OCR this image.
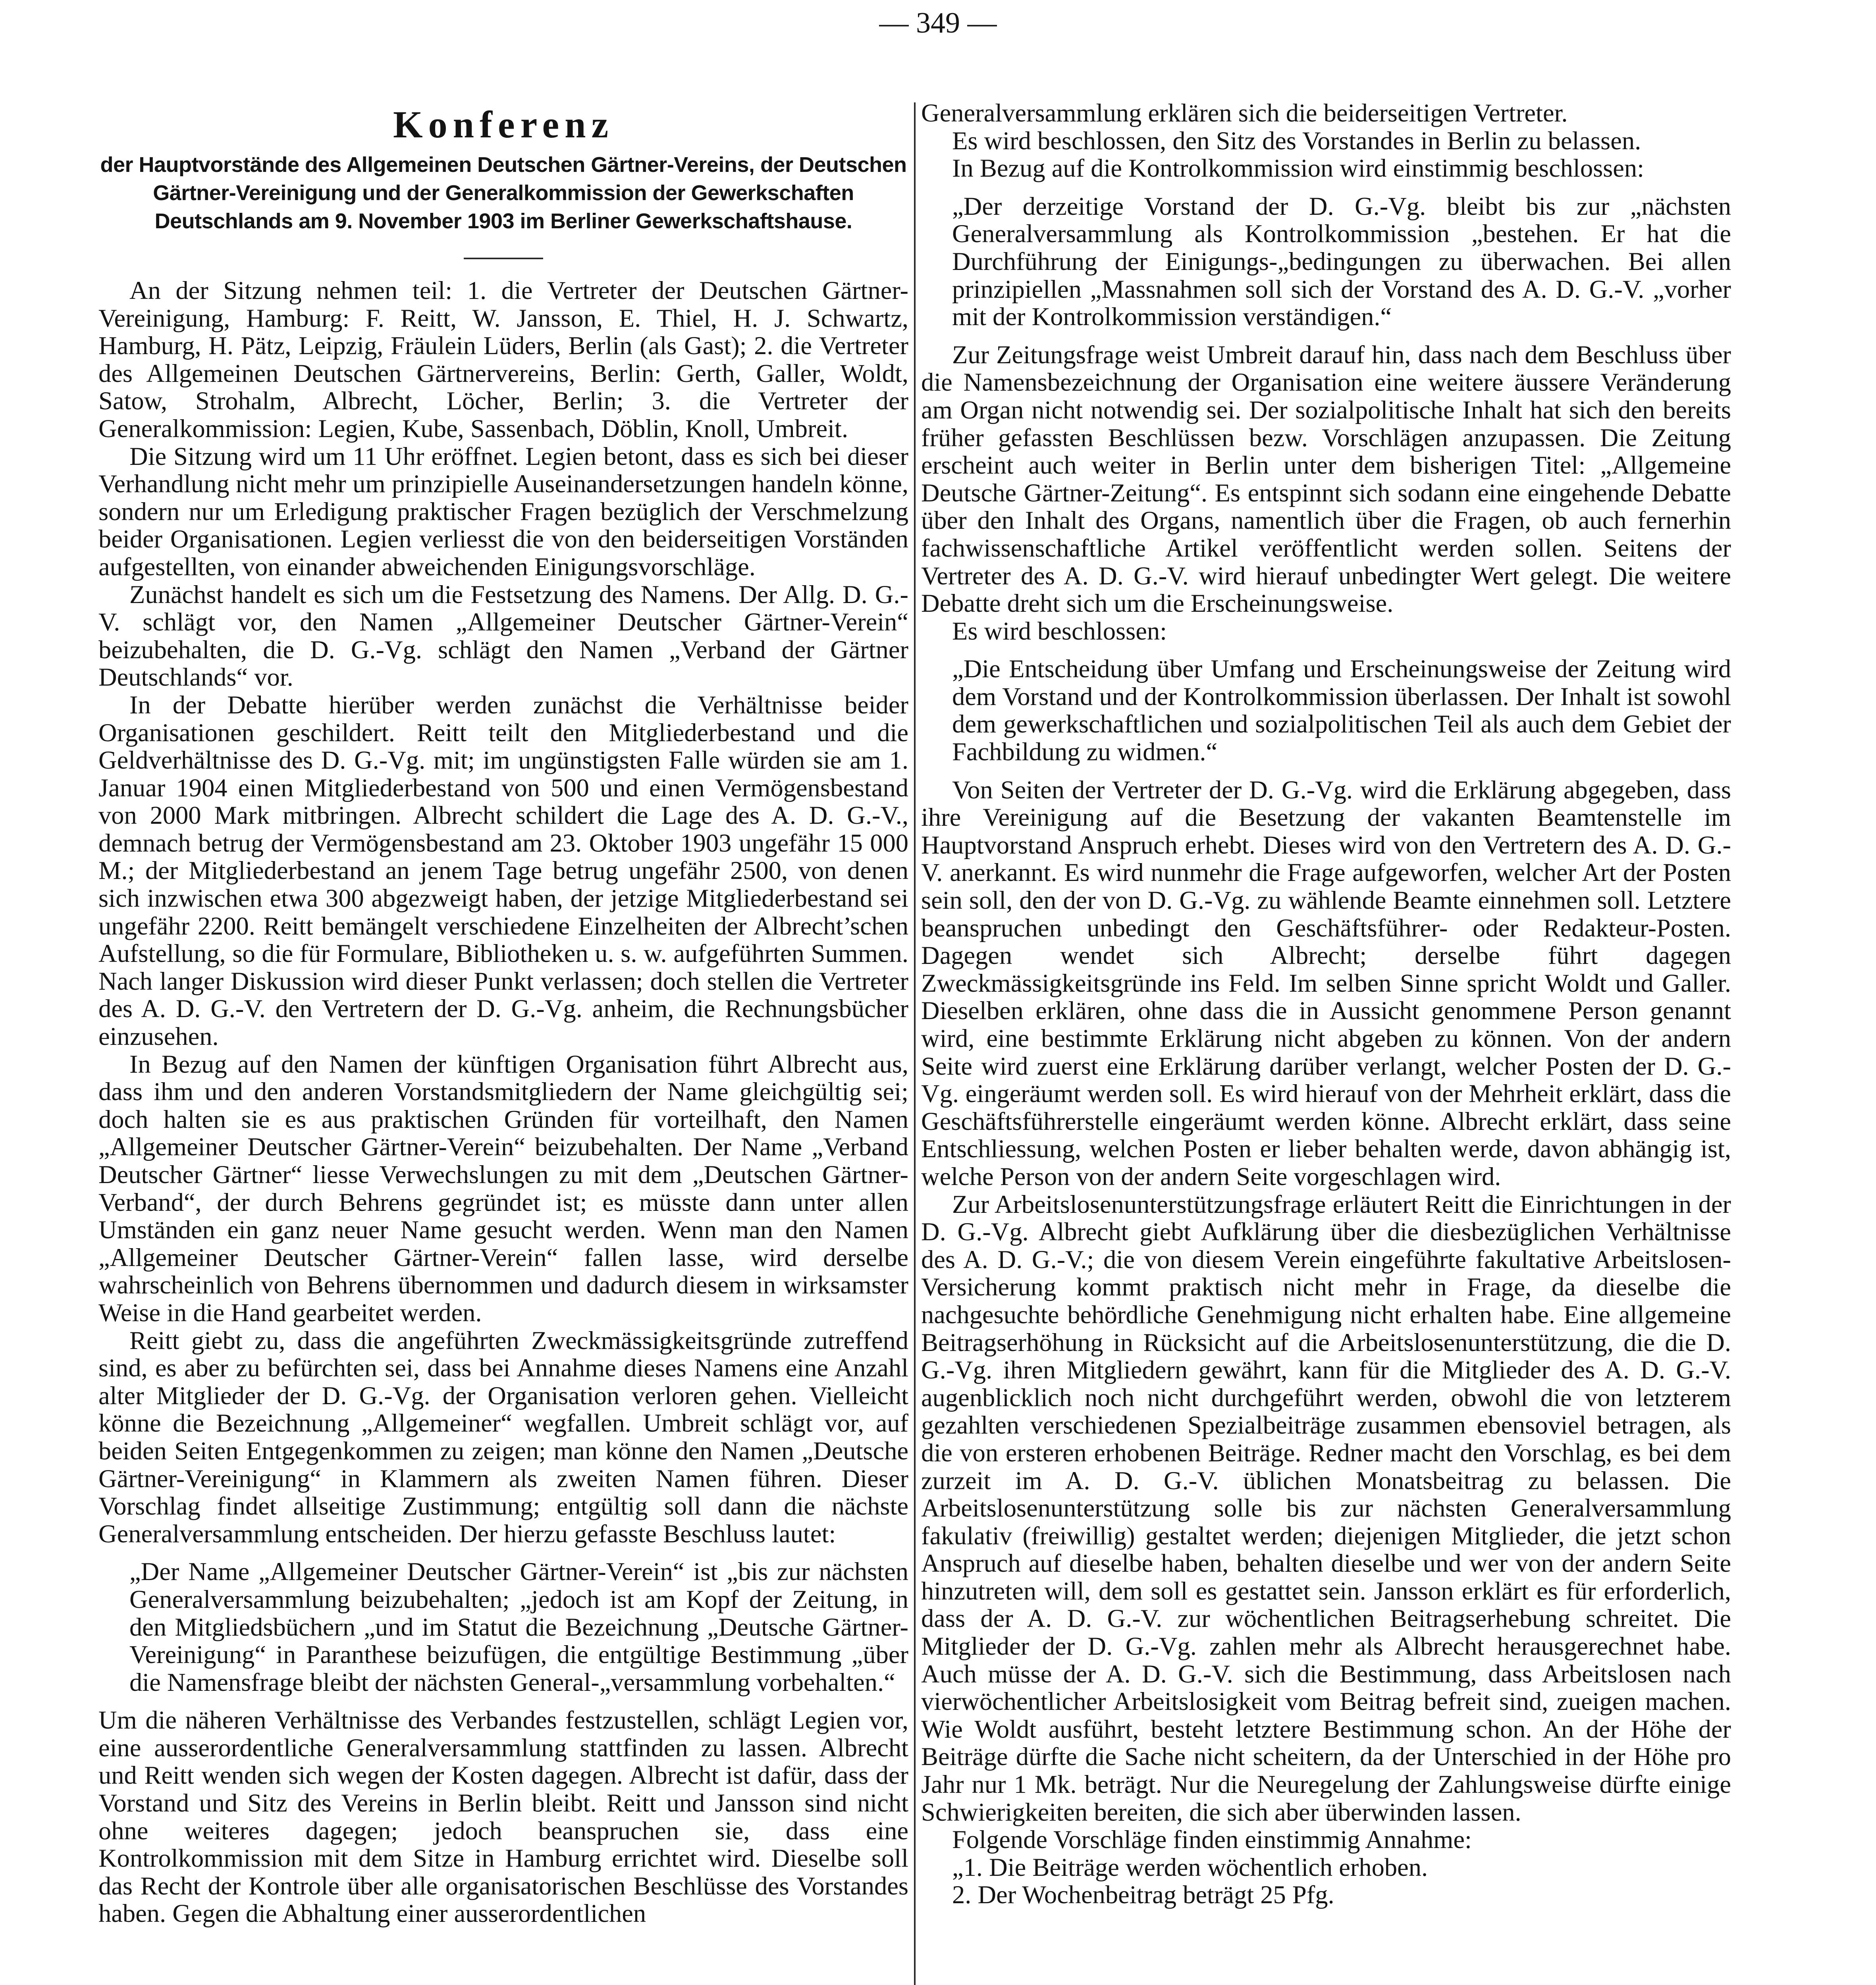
— 349 —
Konferenz
der Hauptvorstände des Allgemeinen Deutschen Gärtner-Vereins, der Deutschen Gärtner-Vereinigung und der Generalkommission der Gewerkschaften Deutschlands am 9. November 1903 im Berliner Gewerkschaftshause.

An der Sitzung nehmen teil: 1. die Vertreter der Deutschen Gärtner-Vereinigung, Hamburg: F. Reitt, W. Jansson, E. Thiel, H. J. Schwartz, Hamburg, H. Pätz, Leipzig, Fräulein Lüders, Berlin (als Gast); 2. die Vertreter des Allgemeinen Deutschen Gärtnervereins, Berlin: Gerth, Galler, Woldt, Satow, Strohalm, Albrecht, Löcher, Berlin; 3. die Vertreter der Generalkommission: Legien, Kube, Sassenbach, Döblin, Knoll, Umbreit.

Die Sitzung wird um 11 Uhr eröffnet. Legien betont, dass es sich bei dieser Verhandlung nicht mehr um prinzipielle Auseinandersetzungen handeln könne, sondern nur um Erledigung praktischer Fragen bezüglich der Verschmelzung beider Organisationen. Legien verliesst die von den beiderseitigen Vorständen aufgestellten, von einander abweichenden Einigungsvorschläge.

Zunächst handelt es sich um die Festsetzung des Namens. Der Allg. D. G.-V. schlägt vor, den Namen „Allgemeiner Deutscher Gärtner-Verein“ beizubehalten, die D. G.-Vg. schlägt den Namen „Verband der Gärtner Deutschlands“ vor.

In der Debatte hierüber werden zunächst die Verhältnisse beider Organisationen geschildert. Reitt teilt den Mitgliederbestand und die Geldverhältnisse des D. G.-Vg. mit; im ungünstigsten Falle würden sie am 1. Januar 1904 einen Mitgliederbestand von 500 und einen Vermögensbestand von 2000 Mark mitbringen. Albrecht schildert die Lage des A. D. G.-V., demnach betrug der Vermögensbestand am 23. Oktober 1903 ungefähr 15 000 M.; der Mitgliederbestand an jenem Tage betrug ungefähr 2500, von denen sich inzwischen etwa 300 abgezweigt haben, der jetzige Mitgliederbestand sei ungefähr 2200. Reitt bemängelt verschiedene Einzelheiten der Albrecht’schen Aufstellung, so die für Formulare, Bibliotheken u. s. w. aufgeführten Summen. Nach langer Diskussion wird dieser Punkt verlassen; doch stellen die Vertreter des A. D. G.-V. den Vertretern der D. G.-Vg. anheim, die Rechnungsbücher einzusehen.

In Bezug auf den Namen der künftigen Organisation führt Albrecht aus, dass ihm und den anderen Vorstandsmitgliedern der Name gleichgültig sei; doch halten sie es aus praktischen Gründen für vorteilhaft, den Namen „Allgemeiner Deutscher Gärtner-Verein“ beizubehalten. Der Name „Verband Deutscher Gärtner“ liesse Verwechslungen zu mit dem „Deutschen Gärtner-Verband“, der durch Behrens gegründet ist; es müsste dann unter allen Umständen ein ganz neuer Name gesucht werden. Wenn man den Namen „Allgemeiner Deutscher Gärtner-Verein“ fallen lasse, wird derselbe wahrscheinlich von Behrens übernommen und dadurch diesem in wirksamster Weise in die Hand gearbeitet werden.

Reitt giebt zu, dass die angeführten Zweckmässigkeitsgründe zutreffend sind, es aber zu befürchten sei, dass bei Annahme dieses Namens eine Anzahl alter Mitglieder der D. G.-Vg. der Organisation verloren gehen. Vielleicht könne die Bezeichnung „Allgemeiner“ wegfallen. Umbreit schlägt vor, auf beiden Seiten Entgegenkommen zu zeigen; man könne den Namen „Deutsche Gärtner-Vereinigung“ in Klammern als zweiten Namen führen. Dieser Vorschlag findet allseitige Zustimmung; entgültig soll dann die nächste Generalversammlung entscheiden. Der hierzu gefasste Beschluss lautet:

„Der Name „Allgemeiner Deutscher Gärtner-Verein“ ist „bis zur nächsten Generalversammlung beizubehalten; „jedoch ist am Kopf der Zeitung, in den Mitgliedsbüchern „und im Statut die Bezeichnung „Deutsche Gärtner-Vereinigung“ in Paranthese beizufügen, die entgültige Bestimmung „über die Namensfrage bleibt der nächsten General-„versammlung vorbehalten.“

Um die näheren Verhältnisse des Verbandes festzustellen, schlägt Legien vor, eine ausserordentliche Generalversammlung stattfinden zu lassen. Albrecht und Reitt wenden sich wegen der Kosten dagegen. Albrecht ist dafür, dass der Vorstand und Sitz des Vereins in Berlin bleibt. Reitt und Jansson sind nicht ohne weiteres dagegen; jedoch beanspruchen sie, dass eine Kontrolkommission mit dem Sitze in Hamburg errichtet wird. Dieselbe soll das Recht der Kontrole über alle organisatorischen Beschlüsse des Vorstandes haben. Gegen die Abhaltung einer ausserordentlichen

Generalversammlung erklären sich die beiderseitigen Vertreter.

Es wird beschlossen, den Sitz des Vorstandes in Berlin zu belassen.

In Bezug auf die Kontrolkommission wird einstimmig beschlossen:

„Der derzeitige Vorstand der D. G.-Vg. bleibt bis zur „nächsten Generalversammlung als Kontrolkommission „bestehen. Er hat die Durchführung der Einigungs-„bedingungen zu überwachen. Bei allen prinzipiellen „Massnahmen soll sich der Vorstand des A. D. G.-V. „vorher mit der Kontrolkommission verständigen.“

Zur Zeitungsfrage weist Umbreit darauf hin, dass nach dem Beschluss über die Namensbezeichnung der Organisation eine weitere äussere Veränderung am Organ nicht notwendig sei. Der sozialpolitische Inhalt hat sich den bereits früher gefassten Beschlüssen bezw. Vorschlägen anzupassen. Die Zeitung erscheint auch weiter in Berlin unter dem bisherigen Titel: „Allgemeine Deutsche Gärtner-Zeitung“. Es entspinnt sich sodann eine eingehende Debatte über den Inhalt des Organs, namentlich über die Fragen, ob auch fernerhin fachwissenschaftliche Artikel veröffentlicht werden sollen. Seitens der Vertreter des A. D. G.-V. wird hierauf unbedingter Wert gelegt. Die weitere Debatte dreht sich um die Erscheinungsweise.

Es wird beschlossen:

„Die Entscheidung über Umfang und Erscheinungsweise der Zeitung wird dem Vorstand und der Kontrolkommission überlassen. Der Inhalt ist sowohl dem gewerkschaftlichen und sozialpolitischen Teil als auch dem Gebiet der Fachbildung zu widmen.“

Von Seiten der Vertreter der D. G.-Vg. wird die Erklärung abgegeben, dass ihre Vereinigung auf die Besetzung der vakanten Beamtenstelle im Hauptvorstand Anspruch erhebt. Dieses wird von den Vertretern des A. D. G.-V. anerkannt. Es wird nunmehr die Frage aufgeworfen, welcher Art der Posten sein soll, den der von D. G.-Vg. zu wählende Beamte einnehmen soll. Letztere beanspruchen unbedingt den Geschäftsführer- oder Redakteur-Posten. Dagegen wendet sich Albrecht; derselbe führt dagegen Zweckmässigkeitsgründe ins Feld. Im selben Sinne spricht Woldt und Galler. Dieselben erklären, ohne dass die in Aussicht genommene Person genannt wird, eine bestimmte Erklärung nicht abgeben zu können. Von der andern Seite wird zuerst eine Erklärung darüber verlangt, welcher Posten der D. G.-Vg. eingeräumt werden soll. Es wird hierauf von der Mehrheit erklärt, dass die Geschäftsführerstelle eingeräumt werden könne. Albrecht erklärt, dass seine Entschliessung, welchen Posten er lieber behalten werde, davon abhängig ist, welche Person von der andern Seite vorgeschlagen wird.

Zur Arbeitslosenunterstützungsfrage erläutert Reitt die Einrichtungen in der D. G.-Vg. Albrecht giebt Aufklärung über die diesbezüglichen Verhältnisse des A. D. G.-V.; die von diesem Verein eingeführte fakultative Arbeitslosen-Versicherung kommt praktisch nicht mehr in Frage, da dieselbe die nachgesuchte behördliche Genehmigung nicht erhalten habe. Eine allgemeine Beitragserhöhung in Rücksicht auf die Arbeitslosenunterstützung, die die D. G.-Vg. ihren Mitgliedern gewährt, kann für die Mitglieder des A. D. G.-V. augenblicklich noch nicht durchgeführt werden, obwohl die von letzterem gezahlten verschiedenen Spezialbeiträge zusammen ebensoviel betragen, als die von ersteren erhobenen Beiträge. Redner macht den Vorschlag, es bei dem zurzeit im A. D. G.-V. üblichen Monatsbeitrag zu belassen. Die Arbeitslosenunterstützung solle bis zur nächsten Generalversammlung fakulativ (freiwillig) gestaltet werden; diejenigen Mitglieder, die jetzt schon Anspruch auf dieselbe haben, behalten dieselbe und wer von der andern Seite hinzutreten will, dem soll es gestattet sein. Jansson erklärt es für erforderlich, dass der A. D. G.-V. zur wöchentlichen Beitragserhebung schreitet. Die Mitglieder der D. G.-Vg. zahlen mehr als Albrecht herausgerechnet habe. Auch müsse der A. D. G.-V. sich die Bestimmung, dass Arbeitslosen nach vierwöchentlicher Arbeitslosigkeit vom Beitrag befreit sind, zueigen machen. Wie Woldt ausführt, besteht letztere Bestimmung schon. An der Höhe der Beiträge dürfte die Sache nicht scheitern, da der Unterschied in der Höhe pro Jahr nur 1 Mk. beträgt. Nur die Neuregelung der Zahlungsweise dürfte einige Schwierigkeiten bereiten, die sich aber überwinden lassen.

Folgende Vorschläge finden einstimmig Annahme:

„1. Die Beiträge werden wöchentlich erhoben.

2. Der Wochenbeitrag beträgt 25 Pfg.
